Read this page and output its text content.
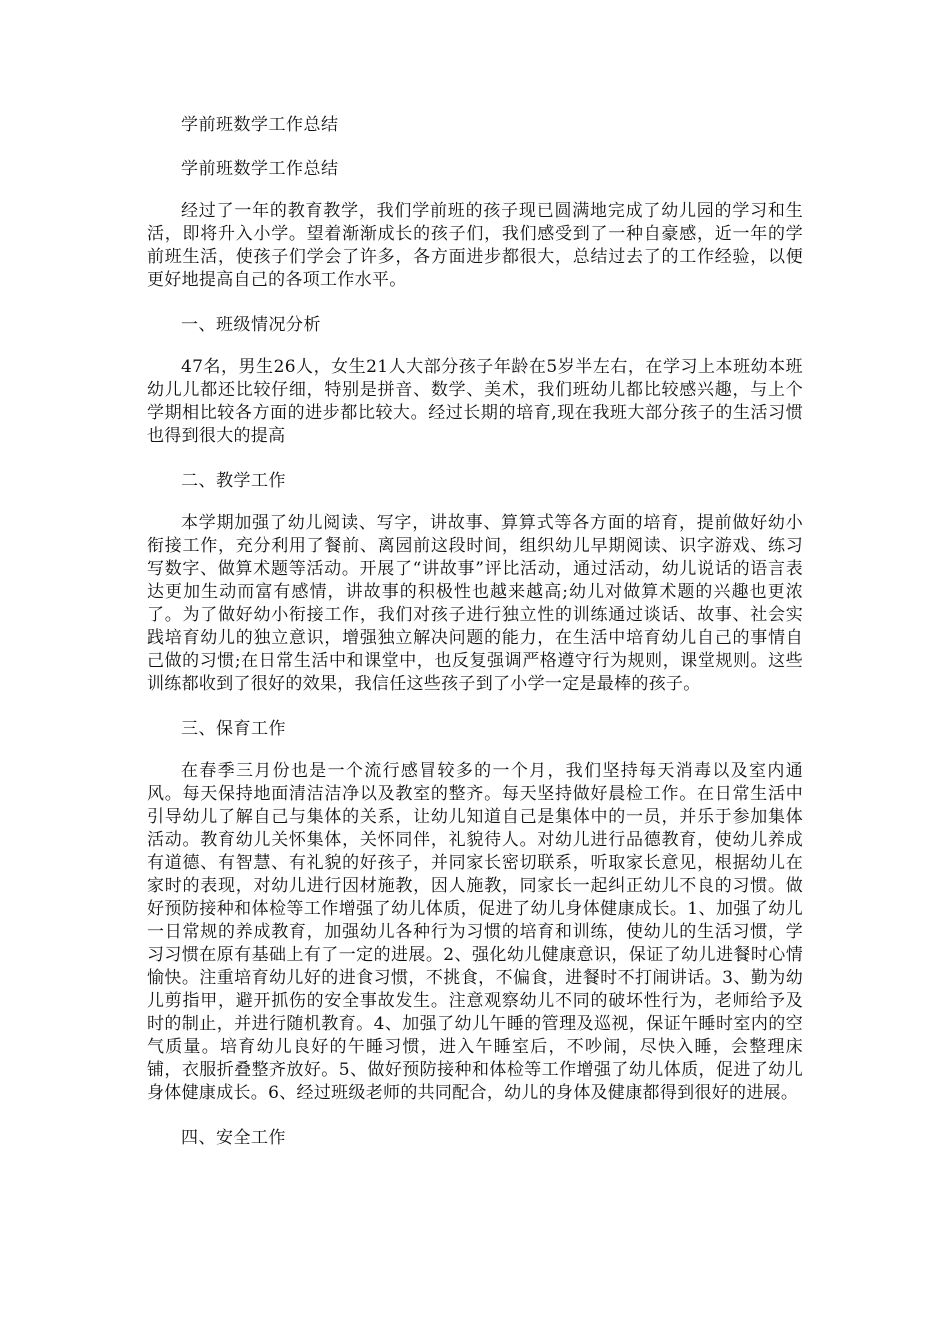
学前班数学工作总结

学前班数学工作总结

经过了一年的教育教学，我们学前班的孩子现已圆满地完成了幼儿园的学习和生活，即将升入小学。望着渐渐成长的孩子们，我们感受到了一种自豪感，近一年的学前班生活，使孩子们学会了许多，各方面进步都很大，总结过去了的工作经验，以便更好地提高自己的各项工作水平。

一、班级情况分析

47名，男生26人，女生21人大部分孩子年龄在5岁半左右，在学习上本班幼本班幼儿儿都还比较仔细，特别是拼音、数学、美术，我们班幼儿都比较感兴趣，与上个学期相比较各方面的进步都比较大。经过长期的培育,现在我班大部分孩子的生活习惯也得到很大的提高

二、教学工作

本学期加强了幼儿阅读、写字，讲故事、算算式等各方面的培育，提前做好幼小衔接工作，充分利用了餐前、离园前这段时间，组织幼儿早期阅读、识字游戏、练习写数字、做算术题等活动。开展了“讲故事”评比活动，通过活动，幼儿说话的语言表达更加生动而富有感情，讲故事的积极性也越来越高;幼儿对做算术题的兴趣也更浓了。为了做好幼小衔接工作，我们对孩子进行独立性的训练通过谈话、故事、社会实践培育幼儿的独立意识，增强独立解决问题的能力，在生活中培育幼儿自己的事情自己做的习惯;在日常生活中和课堂中，也反复强调严格遵守行为规则，课堂规则。这些训练都收到了很好的效果，我信任这些孩子到了小学一定是最棒的孩子。

三、保育工作

在春季三月份也是一个流行感冒较多的一个月，我们坚持每天消毒以及室内通风。每天保持地面清洁洁净以及教室的整齐。每天坚持做好晨检工作。在日常生活中引导幼儿了解自己与集体的关系，让幼儿知道自己是集体中的一员，并乐于参加集体活动。教育幼儿关怀集体，关怀同伴，礼貌待人。对幼儿进行品德教育，使幼儿养成有道德、有智慧、有礼貌的好孩子，并同家长密切联系，听取家长意见，根据幼儿在家时的表现，对幼儿进行因材施教，因人施教，同家长一起纠正幼儿不良的习惯。做好预防接种和体检等工作增强了幼儿体质，促进了幼儿身体健康成长。1、加强了幼儿一日常规的养成教育，加强幼儿各种行为习惯的培育和训练，使幼儿的生活习惯，学习习惯在原有基础上有了一定的进展。2、强化幼儿健康意识，保证了幼儿进餐时心情愉快。注重培育幼儿好的进食习惯，不挑食，不偏食，进餐时不打闹讲话。3、勤为幼儿剪指甲，避开抓伤的安全事故发生。注意观察幼儿不同的破坏性行为，老师给予及时的制止，并进行随机教育。4、加强了幼儿午睡的管理及巡视，保证午睡时室内的空气质量。培育幼儿良好的午睡习惯，进入午睡室后，不吵闹，尽快入睡，会整理床铺，衣服折叠整齐放好。5、做好预防接种和体检等工作增强了幼儿体质，促进了幼儿身体健康成长。6、经过班级老师的共同配合，幼儿的身体及健康都得到很好的进展。

四、安全工作
